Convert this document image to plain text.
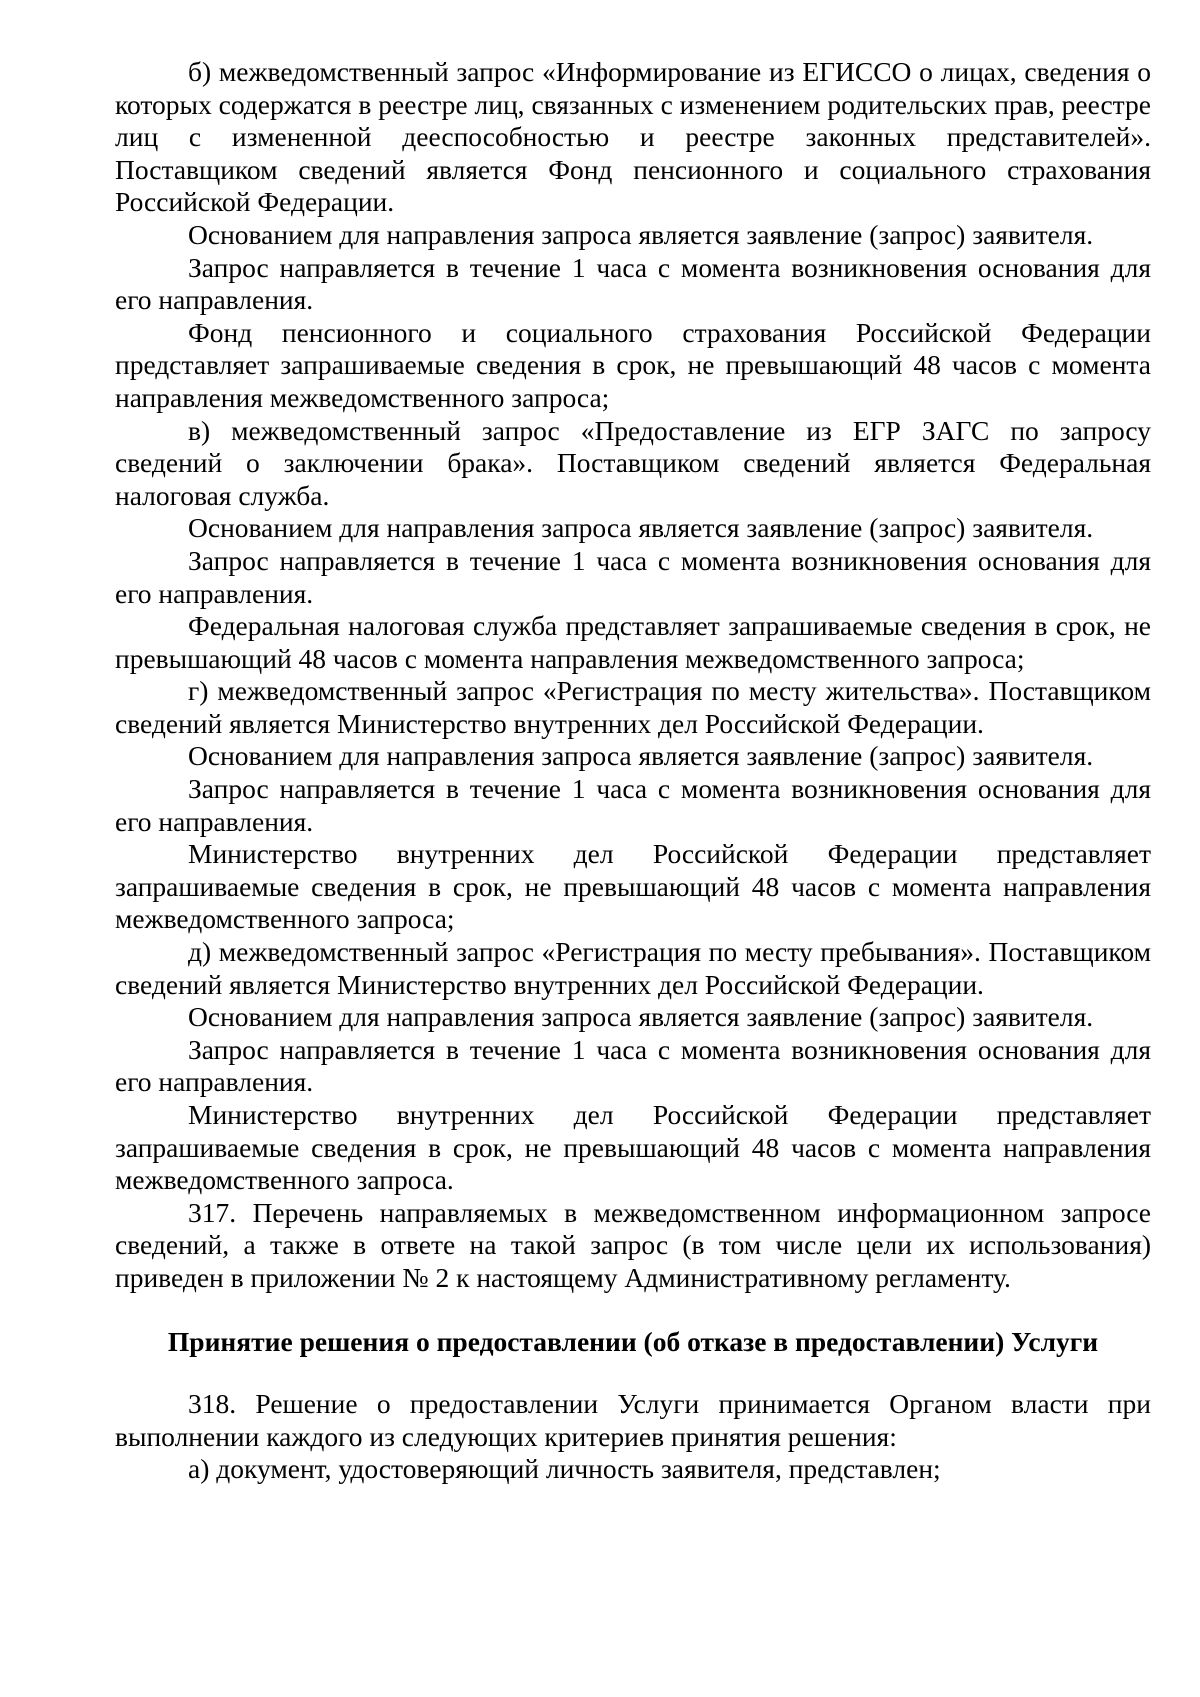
б) межведомственный запрос «Информирование из ЕГИССО о лицах, сведения о которых содержатся в реестре лиц, связанных с изменением родительских прав, реестре лиц с измененной дееспособностью и реестре законных представителей». Поставщиком сведений является Фонд пенсионного и социального страхования Российской Федерации.

Основанием для направления запроса является заявление (запрос) заявителя.

Запрос направляется в течение 1 часа с момента возникновения основания для его направления.

Фонд пенсионного и социального страхования Российской Федерации представляет запрашиваемые сведения в срок, не превышающий 48 часов с момента направления межведомственного запроса;

в) межведомственный запрос «Предоставление из ЕГР ЗАГС по запросу сведений о заключении брака». Поставщиком сведений является Федеральная налоговая служба.

Основанием для направления запроса является заявление (запрос) заявителя.

Запрос направляется в течение 1 часа с момента возникновения основания для его направления.

Федеральная налоговая служба представляет запрашиваемые сведения в срок, не превышающий 48 часов с момента направления межведомственного запроса;

г) межведомственный запрос «Регистрация по месту жительства». Поставщиком сведений является Министерство внутренних дел Российской Федерации.

Основанием для направления запроса является заявление (запрос) заявителя.

Запрос направляется в течение 1 часа с момента возникновения основания для его направления.

Министерство внутренних дел Российской Федерации представляет запрашиваемые сведения в срок, не превышающий 48 часов с момента направления межведомственного запроса;

д) межведомственный запрос «Регистрация по месту пребывания». Поставщиком сведений является Министерство внутренних дел Российской Федерации.

Основанием для направления запроса является заявление (запрос) заявителя.

Запрос направляется в течение 1 часа с момента возникновения основания для его направления.

Министерство внутренних дел Российской Федерации представляет запрашиваемые сведения в срок, не превышающий 48 часов с момента направления межведомственного запроса.

317. Перечень направляемых в межведомственном информационном запросе сведений, а также в ответе на такой запрос (в том числе цели их использования) приведен в приложении № 2 к настоящему Административному регламенту.

Принятие решения о предоставлении (об отказе в предоставлении) Услуги

318. Решение о предоставлении Услуги принимается Органом власти при выполнении каждого из следующих критериев принятия решения:

а) документ, удостоверяющий личность заявителя, представлен;
